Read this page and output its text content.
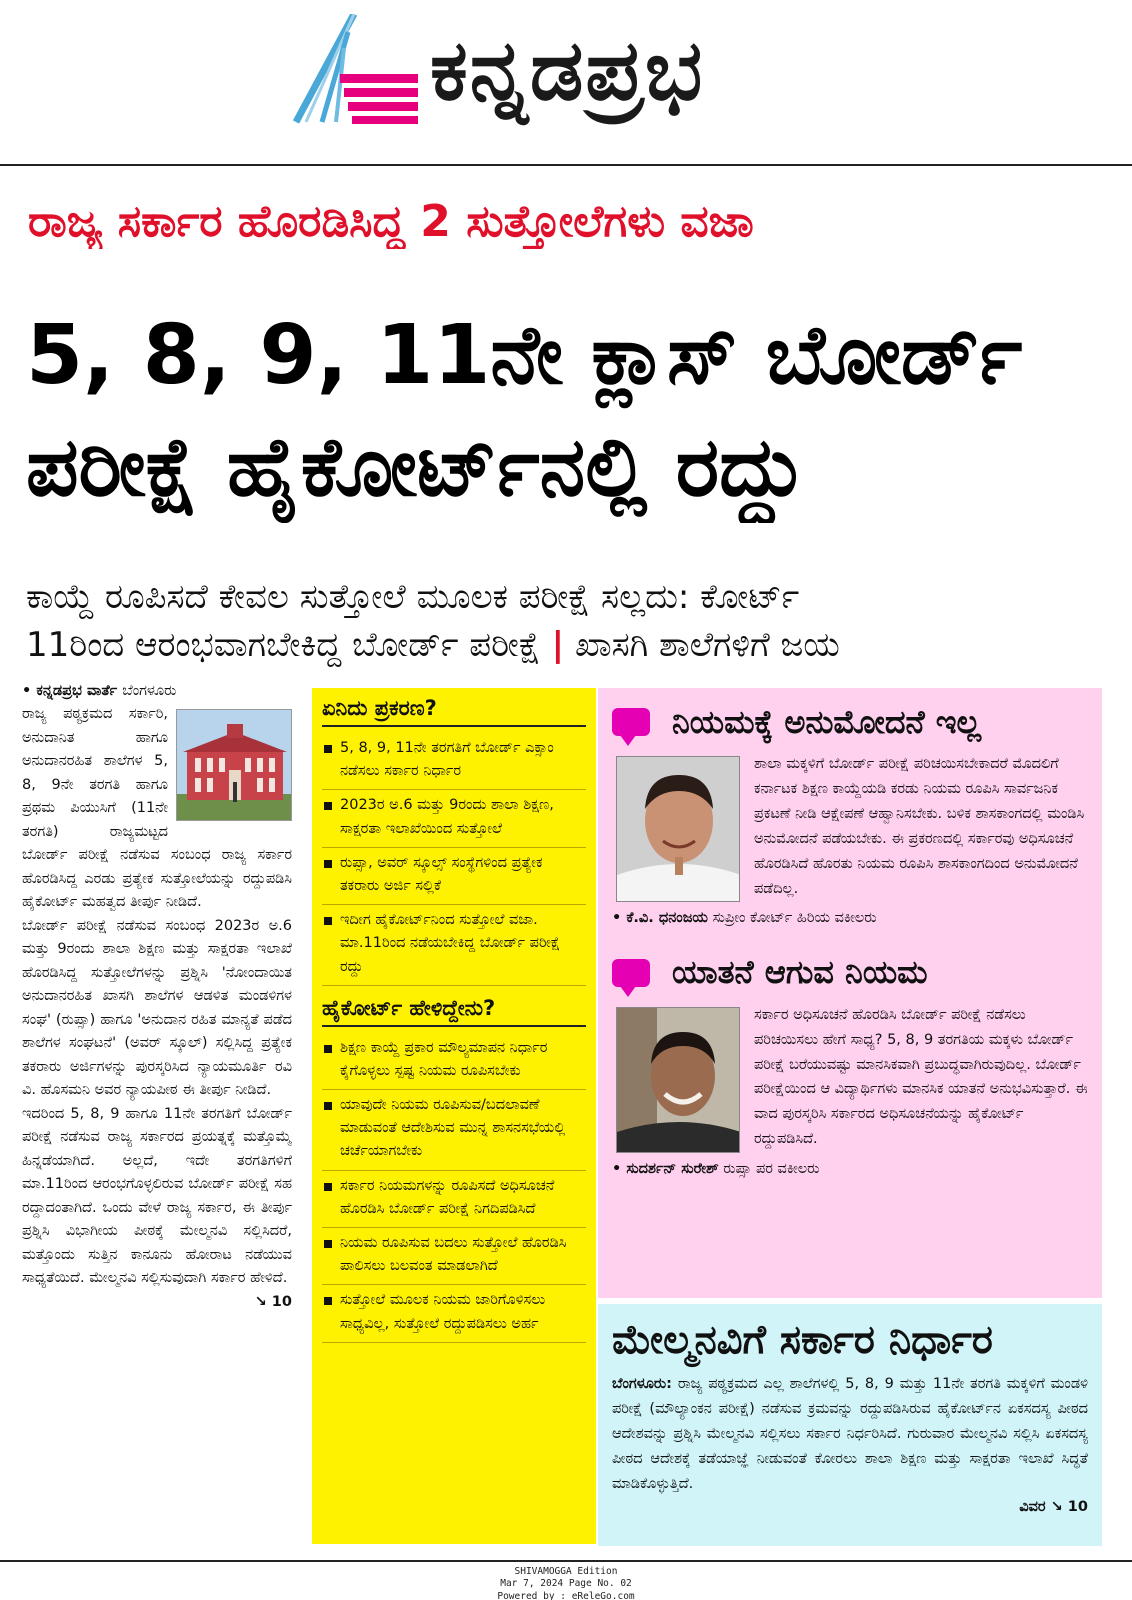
ಕನ್ನಡಪ್ರಭ
ರಾಜ್ಯ ಸರ್ಕಾರ ಹೊರಡಿಸಿದ್ದ 2 ಸುತ್ತೋಲೆಗಳು ವಜಾ
5, 8, 9, 11ನೇ ಕ್ಲಾಸ್ ಬೋರ್ಡ್
ಪರೀಕ್ಷೆ ಹೈಕೋರ್ಟ್‌ನಲ್ಲಿ ರದ್ದು
ಕಾಯ್ದೆ ರೂಪಿಸದೆ ಕೇವಲ ಸುತ್ತೋಲೆ ಮೂಲಕ ಪರೀಕ್ಷೆ ಸಲ್ಲದು: ಕೋರ್ಟ್
11ರಿಂದ ಆರಂಭವಾಗಬೇಕಿದ್ದ ಬೋರ್ಡ್ ಪರೀಕ್ಷೆ | ಖಾಸಗಿ ಶಾಲೆಗಳಿಗೆ ಜಯ
• ಕನ್ನಡಪ್ರಭ ವಾರ್ತೆ ಬೆಂಗಳೂರು

ರಾಜ್ಯ ಪಠ್ಯಕ್ರಮದ ಸರ್ಕಾರಿ, ಅನುದಾನಿತ ಹಾಗೂ ಅನುದಾನರಹಿತ ಶಾಲೆಗಳ 5, 8, 9ನೇ ತರಗತಿ ಹಾಗೂ ಪ್ರಥಮ ಪಿಯುಸಿಗೆ (11ನೇ ತರಗತಿ) ರಾಜ್ಯಮಟ್ಟದ ಬೋರ್ಡ್ ಪರೀಕ್ಷೆ ನಡೆಸುವ ಸಂಬಂಧ ರಾಜ್ಯ ಸರ್ಕಾರ ಹೊರಡಿಸಿದ್ದ ಎರಡು ಪ್ರತ್ಯೇಕ ಸುತ್ತೋಲೆಯನ್ನು ರದ್ದುಪಡಿಸಿ ಹೈಕೋರ್ಟ್ ಮಹತ್ವದ ತೀರ್ಪು ನೀಡಿದೆ.

ಬೋರ್ಡ್ ಪರೀಕ್ಷೆ ನಡೆಸುವ ಸಂಬಂಧ 2023ರ ಅ.6 ಮತ್ತು 9ರಂದು ಶಾಲಾ ಶಿಕ್ಷಣ ಮತ್ತು ಸಾಕ್ಷರತಾ ಇಲಾಖೆ ಹೊರಡಿಸಿದ್ದ ಸುತ್ತೋಲೆಗಳನ್ನು ಪ್ರಶ್ನಿಸಿ 'ನೋಂದಾಯಿತ ಅನುದಾನರಹಿತ ಖಾಸಗಿ ಶಾಲೆಗಳ ಆಡಳಿತ ಮಂಡಳಿಗಳ ಸಂಘ' (ರುಪ್ಸಾ) ಹಾಗೂ 'ಅನುದಾನ ರಹಿತ ಮಾನ್ಯತೆ ಪಡೆದ ಶಾಲೆಗಳ ಸಂಘಟನೆ' (ಅವರ್ ಸ್ಕೂಲ್) ಸಲ್ಲಿಸಿದ್ದ ಪ್ರತ್ಯೇಕ ತಕರಾರು ಅರ್ಜಿಗಳನ್ನು ಪುರಸ್ಕರಿಸಿದ ನ್ಯಾಯಮೂರ್ತಿ ರವಿ ವಿ. ಹೊಸಮನಿ ಅವರ ನ್ಯಾಯಪೀಠ ಈ ತೀರ್ಪು ನೀಡಿದೆ.

ಇದರಿಂದ 5, 8, 9 ಹಾಗೂ 11ನೇ ತರಗತಿಗೆ ಬೋರ್ಡ್ ಪರೀಕ್ಷೆ ನಡೆಸುವ ರಾಜ್ಯ ಸರ್ಕಾರದ ಪ್ರಯತ್ನಕ್ಕೆ ಮತ್ತೊಮ್ಮೆ ಹಿನ್ನಡೆಯಾಗಿದೆ. ಅಲ್ಲದೆ, ಇದೇ ತರಗತಿಗಳಿಗೆ ಮಾ.11ರಿಂದ ಆರಂಭಗೊಳ್ಳಲಿರುವ ಬೋರ್ಡ್ ಪರೀಕ್ಷೆ ಸಹ ರದ್ದಾದಂತಾಗಿದೆ. ಒಂದು ವೇಳೆ ರಾಜ್ಯ ಸರ್ಕಾರ, ಈ ತೀರ್ಪು ಪ್ರಶ್ನಿಸಿ ವಿಭಾಗೀಯ ಪೀಠಕ್ಕೆ ಮೇಲ್ಮನವಿ ಸಲ್ಲಿಸಿದರೆ, ಮತ್ತೊಂದು ಸುತ್ತಿನ ಕಾನೂನು ಹೋರಾಟ ನಡೆಯುವ ಸಾಧ್ಯತೆಯಿದೆ. ಮೇಲ್ಮನವಿ ಸಲ್ಲಿಸುವುದಾಗಿ ಸರ್ಕಾರ ಹೇಳಿದೆ.

↘ 10
ಏನಿದು ಪ್ರಕರಣ?
5, 8, 9, 11ನೇ ತರಗತಿಗೆ ಬೋರ್ಡ್ ಎಕ್ಸಾಂ ನಡೆಸಲು ಸರ್ಕಾರ ನಿರ್ಧಾರ
2023ರ ಅ.6 ಮತ್ತು 9ರಂದು ಶಾಲಾ ಶಿಕ್ಷಣ, ಸಾಕ್ಷರತಾ ಇಲಾಖೆಯಿಂದ ಸುತ್ತೋಲೆ
ರುಪ್ಸಾ, ಅವರ್ ಸ್ಕೂಲ್ಸ್ ಸಂಸ್ಥೆಗಳಿಂದ ಪ್ರತ್ಯೇಕ ತಕರಾರು ಅರ್ಜಿ ಸಲ್ಲಿಕೆ
ಇದೀಗ ಹೈಕೋರ್ಟ್‌ನಿಂದ ಸುತ್ತೋಲೆ ವಜಾ. ಮಾ.11ರಿಂದ ನಡೆಯಬೇಕಿದ್ದ ಬೋರ್ಡ್ ಪರೀಕ್ಷೆ ರದ್ದು
ಹೈಕೋರ್ಟ್ ಹೇಳಿದ್ದೇನು?
ಶಿಕ್ಷಣ ಕಾಯ್ದೆ ಪ್ರಕಾರ ಮೌಲ್ಯಮಾಪನ ನಿರ್ಧಾರ ಕೈಗೊಳ್ಳಲು ಸ್ಪಷ್ಟ ನಿಯಮ ರೂಪಿಸಬೇಕು
ಯಾವುದೇ ನಿಯಮ ರೂಪಿಸುವ/ಬದಲಾವಣೆ ಮಾಡುವಂತೆ ಆದೇಶಿಸುವ ಮುನ್ನ ಶಾಸನಸಭೆಯಲ್ಲಿ ಚರ್ಚೆಯಾಗಬೇಕು
ಸರ್ಕಾರ ನಿಯಮಗಳನ್ನು ರೂಪಿಸದೆ ಅಧಿಸೂಚನೆ ಹೊರಡಿಸಿ ಬೋರ್ಡ್ ಪರೀಕ್ಷೆ ನಿಗದಿಪಡಿಸಿದೆ
ನಿಯಮ ರೂಪಿಸುವ ಬದಲು ಸುತ್ತೋಲೆ ಹೊರಡಿಸಿ ಪಾಲಿಸಲು ಬಲವಂತ ಮಾಡಲಾಗಿದೆ
ಸುತ್ತೋಲೆ ಮೂಲಕ ನಿಯಮ ಜಾರಿಗೊಳಿಸಲು ಸಾಧ್ಯವಿಲ್ಲ, ಸುತ್ತೋಲೆ ರದ್ದುಪಡಿಸಲು ಅರ್ಹ
ನಿಯಮಕ್ಕೆ ಅನುಮೋದನೆ ಇಲ್ಲ
ಶಾಲಾ ಮಕ್ಕಳಿಗೆ ಬೋರ್ಡ್ ಪರೀಕ್ಷೆ ಪರಿಚಯಿಸಬೇಕಾದರೆ ಮೊದಲಿಗೆ ಕರ್ನಾಟಕ ಶಿಕ್ಷಣ ಕಾಯ್ದೆಯಡಿ ಕರಡು ನಿಯಮ ರೂಪಿಸಿ ಸಾರ್ವಜನಿಕ ಪ್ರಕಟಣೆ ನೀಡಿ ಆಕ್ಷೇಪಣೆ ಆಹ್ವಾನಿಸಬೇಕು. ಬಳಿಕ ಶಾಸಕಾಂಗದಲ್ಲಿ ಮಂಡಿಸಿ ಅನುಮೋದನೆ ಪಡೆಯಬೇಕು. ಈ ಪ್ರಕರಣದಲ್ಲಿ ಸರ್ಕಾರವು ಅಧಿಸೂಚನೆ ಹೊರಡಿಸಿದೆ ಹೊರತು ನಿಯಮ ರೂಪಿಸಿ ಶಾಸಕಾಂಗದಿಂದ ಅನುಮೋದನೆ ಪಡೆದಿಲ್ಲ.
• ಕೆ.ವಿ. ಧನಂಜಯ ಸುಪ್ರೀಂ ಕೋರ್ಟ್ ಹಿರಿಯ ವಕೀಲರು
ಯಾತನೆ ಆಗುವ ನಿಯಮ
ಸರ್ಕಾರ ಅಧಿಸೂಚನೆ ಹೊರಡಿಸಿ ಬೋರ್ಡ್ ಪರೀಕ್ಷೆ ನಡೆಸಲು ಪರಿಚಯಿಸಲು ಹೇಗೆ ಸಾಧ್ಯ? 5, 8, 9 ತರಗತಿಯ ಮಕ್ಕಳು ಬೋರ್ಡ್ ಪರೀಕ್ಷೆ ಬರೆಯುವಷ್ಟು ಮಾನಸಿಕವಾಗಿ ಪ್ರಬುದ್ಧವಾಗಿರುವುದಿಲ್ಲ. ಬೋರ್ಡ್ ಪರೀಕ್ಷೆಯಿಂದ ಆ ವಿದ್ಯಾರ್ಥಿಗಳು ಮಾನಸಿಕ ಯಾತನೆ ಅನುಭವಿಸುತ್ತಾರೆ. ಈ ವಾದ ಪುರಸ್ಕರಿಸಿ ಸರ್ಕಾರದ ಅಧಿಸೂಚನೆಯನ್ನು ಹೈಕೋರ್ಟ್ ರದ್ದುಪಡಿಸಿದೆ.
• ಸುದರ್ಶನ್ ಸುರೇಶ್ ರುಪ್ಸಾ ಪರ ವಕೀಲರು
ಮೇಲ್ಮನವಿಗೆ ಸರ್ಕಾರ ನಿರ್ಧಾರ
ಬೆಂಗಳೂರು: ರಾಜ್ಯ ಪಠ್ಯಕ್ರಮದ ಎಲ್ಲ ಶಾಲೆಗಳಲ್ಲಿ 5, 8, 9 ಮತ್ತು 11ನೇ ತರಗತಿ ಮಕ್ಕಳಿಗೆ ಮಂಡಳಿ ಪರೀಕ್ಷೆ (ಮೌಲ್ಯಾಂಕನ ಪರೀಕ್ಷೆ) ನಡೆಸುವ ಕ್ರಮವನ್ನು ರದ್ದುಪಡಿಸಿರುವ ಹೈಕೋರ್ಟ್‌ನ ಏಕಸದಸ್ಯ ಪೀಠದ ಆದೇಶವನ್ನು ಪ್ರಶ್ನಿಸಿ ಮೇಲ್ಮನವಿ ಸಲ್ಲಿಸಲು ಸರ್ಕಾರ ನಿರ್ಧರಿಸಿದೆ. ಗುರುವಾರ ಮೇಲ್ಮನವಿ ಸಲ್ಲಿಸಿ ಏಕಸದಸ್ಯ ಪೀಠದ ಆದೇಶಕ್ಕೆ ತಡೆಯಾಜ್ಞೆ ನೀಡುವಂತೆ ಕೋರಲು ಶಾಲಾ ಶಿಕ್ಷಣ ಮತ್ತು ಸಾಕ್ಷರತಾ ಇಲಾಖೆ ಸಿದ್ಧತೆ ಮಾಡಿಕೊಳ್ಳುತ್ತಿದೆ.
ವಿವರ ↘ 10
SHIVAMOGGA Edition
Mar 7, 2024 Page No. 02
Powered by : eReleGo.com
